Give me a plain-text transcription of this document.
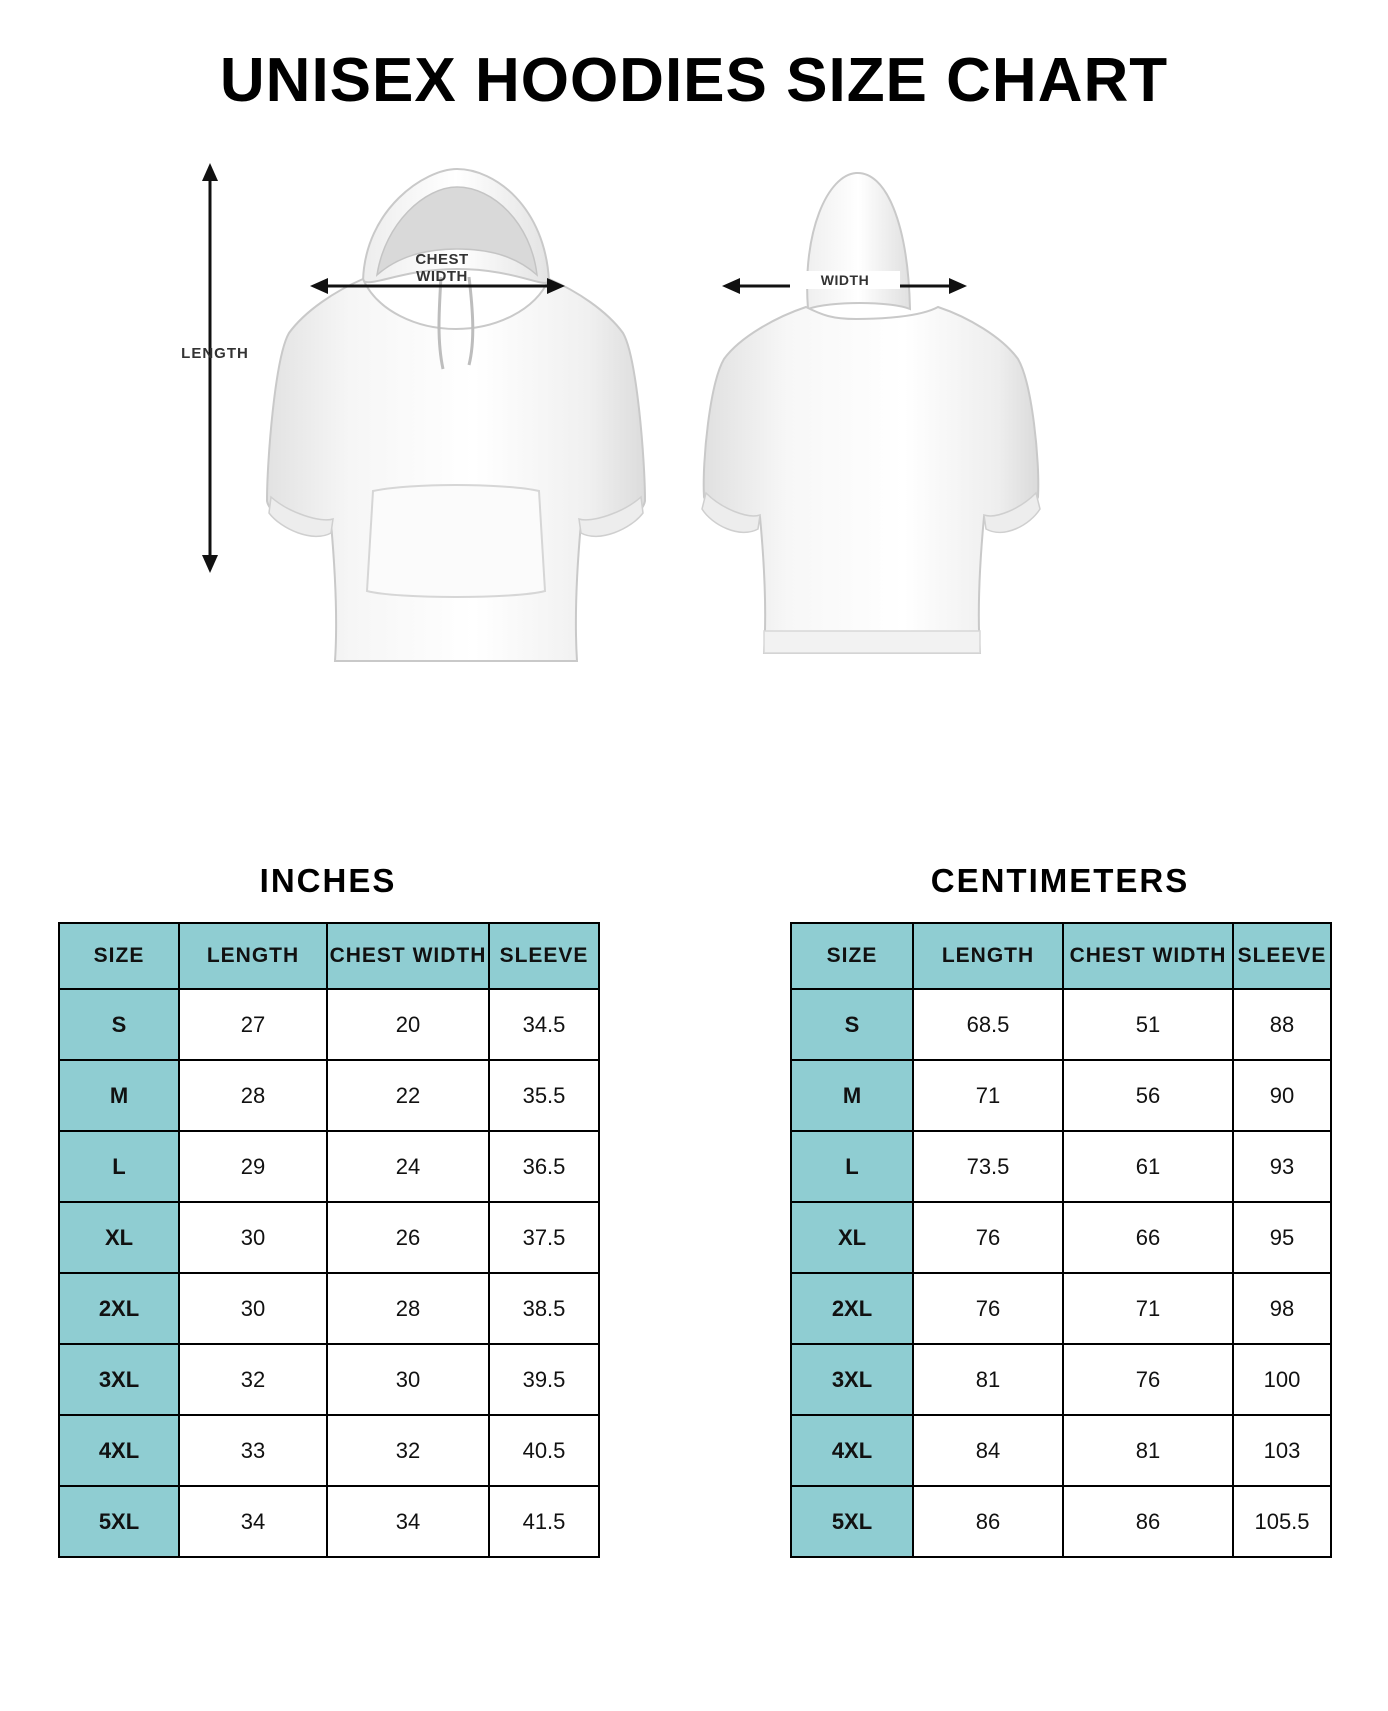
UNISEX HOODIES SIZE CHART
LENGTH
CHEST
WIDTH	WIDTH
INCHES
SIZE	LENGTH	CHEST WIDTH	SLEEVE
S	27	20	34.5
M	28	22	35.5
L	29	24	36.5
XL	30	26	37.5
2XL	30	28	38.5
3XL	32	30	39.5
4XL	33	32	40.5
5XL	34	34	41.5
CENTIMETERS
SIZE	LENGTH	CHEST WIDTH	SLEEVE
S	68.5	51	88
M	71	56	90
L	73.5	61	93
XL	76	66	95
2XL	76	71	98
3XL	81	76	100
4XL	84	81	103
5XL	86	86	105.5
